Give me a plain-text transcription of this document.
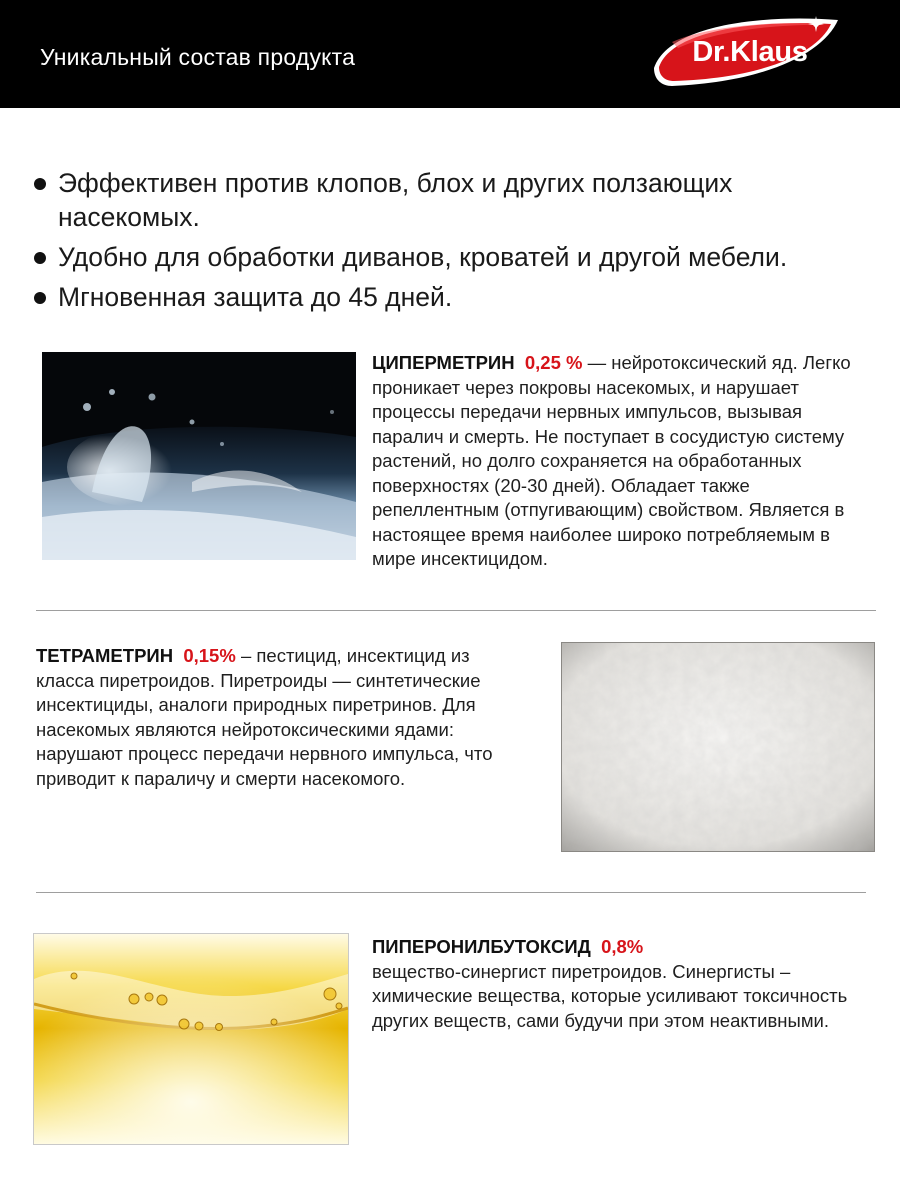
Уникальный состав продукта	Dr.Klaus
Эффективен против клопов, блох и других ползающих насекомых.
Удобно для обработки диванов, кроватей и другой мебели.
Мгновенная защита до 45 дней.
ЦИПЕРМЕТРИН 0,25 % — нейротоксический яд. Легко проникает через покровы насекомых, и нарушает процессы передачи нервных импульсов, вызывая паралич и смерть. Не поступает в сосудистую систему растений, но долго сохраняется на обработанных поверхностях (20-30 дней). Обладает также репеллентным (отпугивающим) свойством. Является в настоящее время наиболее широко потребляемым в мире инсектицидом.
ТЕТРАМЕТРИН 0,15% – пестицид, инсектицид из класса пиретроидов. Пиретроиды — синтетические инсектициды, аналоги природных пиретринов. Для насекомых являются нейротоксическими ядами: нарушают процесс передачи нервного импульса, что приводит к параличу и смерти насекомого.
ПИПЕРОНИЛБУТОКСИД 0,8%
вещество-синергист пиретроидов. Синергисты – химические вещества, которые усиливают токсичность других веществ, сами будучи при этом неактивными.
